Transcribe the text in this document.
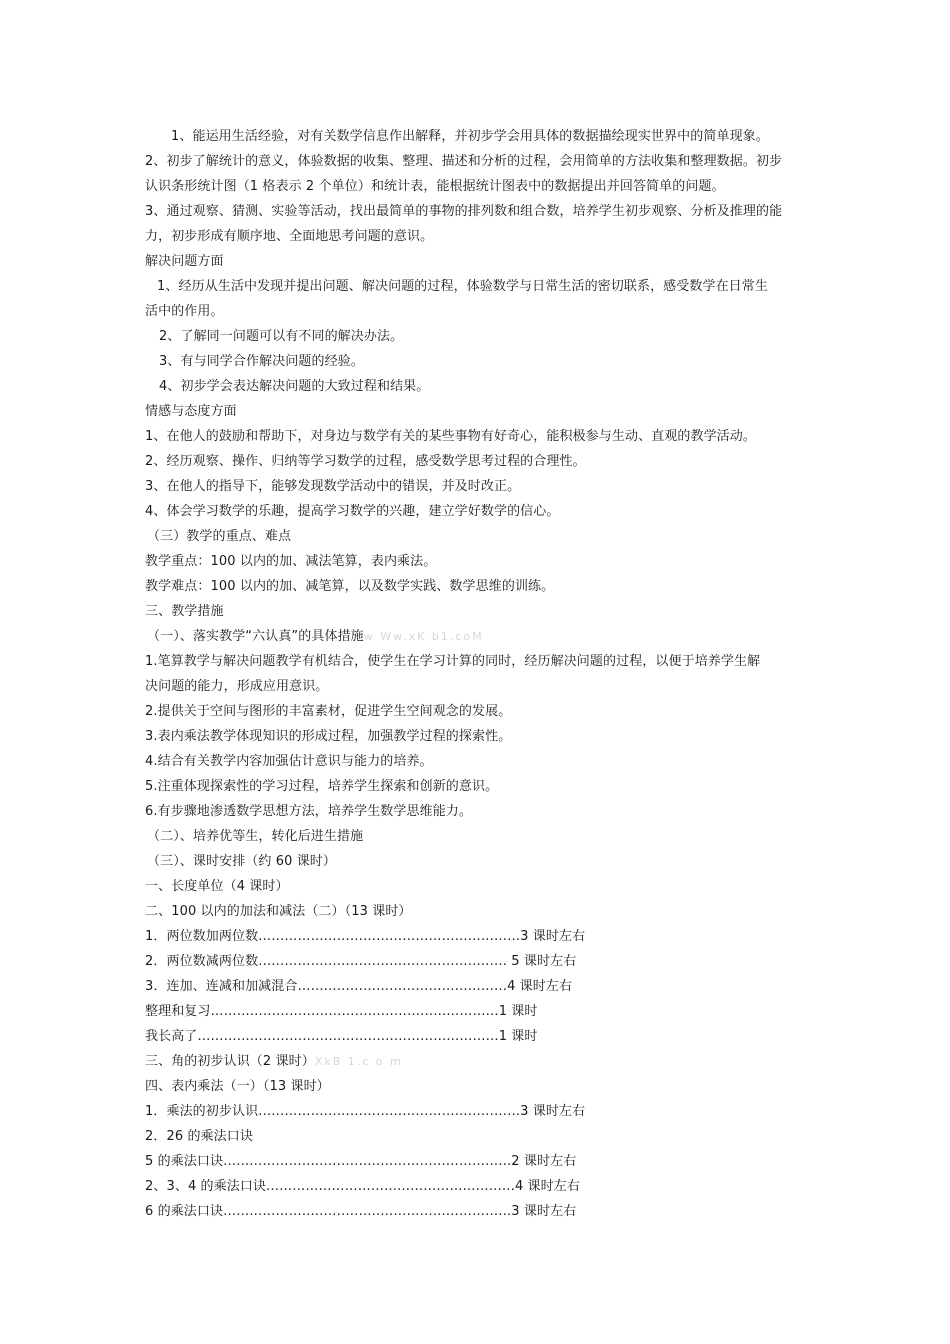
1、能运用生活经验，对有关数学信息作出解释，并初步学会用具体的数据描绘现实世界中的简单现象。
2、初步了解统计的意义，体验数据的收集、整理、描述和分析的过程，会用简单的方法收集和整理数据。初步
认识条形统计图（1 格表示 2 个单位）和统计表，能根据统计图表中的数据提出并回答简单的问题。
3、通过观察、猜测、实验等活动，找出最简单的事物的排列数和组合数，培养学生初步观察、分析及推理的能
力，初步形成有顺序地、全面地思考问题的意识。
解决问题方面
1、经历从生活中发现并提出问题、解决问题的过程，体验数学与日常生活的密切联系，感受数学在日常生
活中的作用。
2、了解同一问题可以有不同的解决办法。
3、有与同学合作解决问题的经验。
4、初步学会表达解决问题的大致过程和结果。
情感与态度方面
1、在他人的鼓励和帮助下，对身边与数学有关的某些事物有好奇心，能积极参与生动、直观的教学活动。
2、经历观察、操作、归纳等学习数学的过程，感受数学思考过程的合理性。
3、在他人的指导下，能够发现数学活动中的错误，并及时改正。
4、体会学习数学的乐趣，提高学习数学的兴趣，建立学好数学的信心。
（三）教学的重点、难点
教学重点：100 以内的加、减法笔算，表内乘法。
教学难点：100 以内的加、减笔算，以及数学实践、数学思维的训练。
三、教学措施
（一）、落实教学“六认真”的具体措施w Ww.xK b1.coM
1.笔算教学与解决问题教学有机结合，使学生在学习计算的同时，经历解决问题的过程，以便于培养学生解
决问题的能力，形成应用意识。
2.提供关于空间与图形的丰富素材，促进学生空间观念的发展。
3.表内乘法教学体现知识的形成过程，加强教学过程的探索性。
4.结合有关教学内容加强估计意识与能力的培养。
5.注重体现探索性的学习过程，培养学生探索和创新的意识。
6.有步骤地渗透数学思想方法，培养学生数学思维能力。
（二）、培养优等生，转化后进生措施
（三）、课时安排（约 60 课时）
一、长度单位（4 课时）
二、100 以内的加法和减法（二）（13 课时）
1．两位数加两位数……………………………………………………3 课时左右
2．两位数减两位数………………………………………………… 5 课时左右
3．连加、连减和加减混合…………………………………………4 课时左右
整理和复习…………………………………………………………1 课时
我长高了……………………………………………………………1 课时
三、角的初步认识（2 课时）XkB 1.c o m
四、表内乘法（一）（13 课时）
1．乘法的初步认识……………………………………………………3 课时左右
2．26 的乘法口诀
5 的乘法口诀…………………………………………………………2 课时左右
2、3、4 的乘法口诀…………………………………………………4 课时左右
6 的乘法口诀…………………………………………………………3 课时左右
